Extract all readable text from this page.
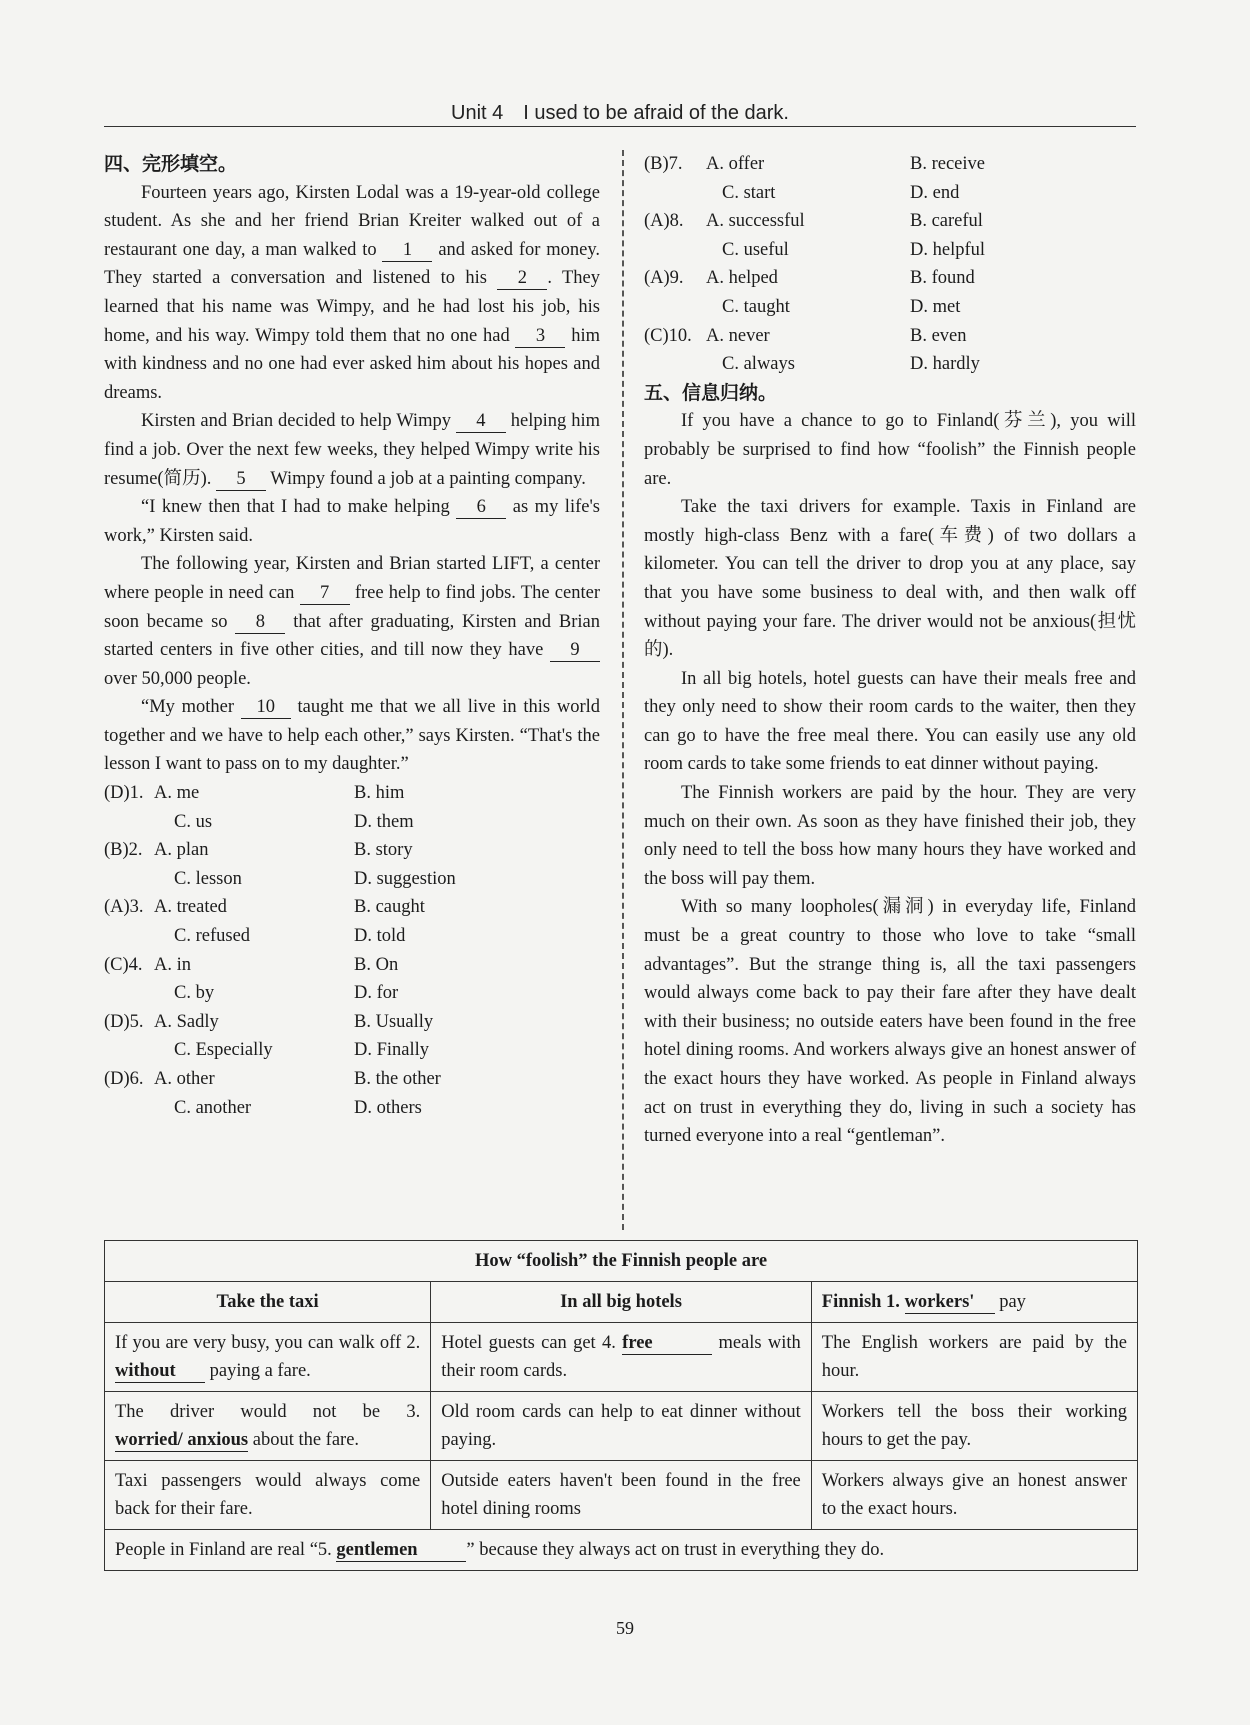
Unit 4　I used to be afraid of the dark.
四、完形填空。

Fourteen years ago, Kirsten Lodal was a 19-year-old college student. As she and her friend Brian Kreiter walked out of a restaurant one day, a man walked to 1 and asked for money. They started a conversation and listened to his 2 . They learned that his name was Wimpy, and he had lost his job, his home, and his way. Wimpy told them that no one had 3 him with kindness and no one had ever asked him about his hopes and dreams.

Kirsten and Brian decided to help Wimpy 4 helping him find a job. Over the next few weeks, they helped Wimpy write his resume(简历). 5 Wimpy found a job at a painting company.

“I knew then that I had to make helping 6 as my life's work,” Kirsten said.

The following year, Kirsten and Brian started LIFT, a center where people in need can 7 free help to find jobs. The center soon became so 8 that after graduating, Kirsten and Brian started centers in five other cities, and till now they have 9 over 50,000 people.

“My mother 10 taught me that we all live in this world together and we have to help each other,” says Kirsten. “That's the lesson I want to pass on to my daughter.”

(D)1. A. me	B. him
C. us	D. them
(B)2. A. plan	B. story
C. lesson	D. suggestion
(A)3. A. treated	B. caught
C. refused	D. told
(C)4. A. in	B. On
C. by	D. for
(D)5. A. Sadly	B. Usually
C. Especially	D. Finally
(D)6. A. other	B. the other
C. another	D. others
(B)7.	A. offer	B. receive
C. start	D. end
(A)8.	A. successful	B. careful
C. useful	D. helpful
(A)9.	A. helped	B. found
C. taught	D. met
(C)10. A. never	B. even
C. always	D. hardly
五、信息归纳。

If you have a chance to go to Finland(芬兰), you will probably be surprised to find how “foolish” the Finnish people are.

Take the taxi drivers for example. Taxis in Finland are mostly high-class Benz with a fare(车费) of two dollars a kilometer. You can tell the driver to drop you at any place, say that you have some business to deal with, and then walk off without paying your fare. The driver would not be anxious(担忧的).

In all big hotels, hotel guests can have their meals free and they only need to show their room cards to the waiter, then they can go to have the free meal there. You can easily use any old room cards to take some friends to eat dinner without paying.

The Finnish workers are paid by the hour. They are very much on their own. As soon as they have finished their job, they only need to tell the boss how many hours they have worked and the boss will pay them.

With so many loopholes(漏洞) in everyday life, Finland must be a great country to those who love to take “small advantages”. But the strange thing is, all the taxi passengers would always come back to pay their fare after they have dealt with their business; no outside eaters have been found in the free hotel dining rooms. And workers always give an honest answer of the exact hours they have worked. As people in Finland always act on trust in everything they do, living in such a society has turned everyone into a real “gentleman”.

How “foolish” the Finnish people are		
Take the taxi	In all big hotels	Finnish 1. workers' pay
If you are very busy, you can walk off 2. without paying a fare.	Hotel guests can get 4. free meals with their room cards.	The English workers are paid by the hour.
The driver would not be 3. worried/ anxious about the fare.	Old room cards can help to eat dinner without paying.	Workers tell the boss their working hours to get the pay.
Taxi passengers would always come back for their fare.	Outside eaters haven't been found in the free hotel dining rooms	Workers always give an honest answer to the exact hours.
People in Finland are real “5. gentlemen ” because they always act on trust in everything they do.		
59
